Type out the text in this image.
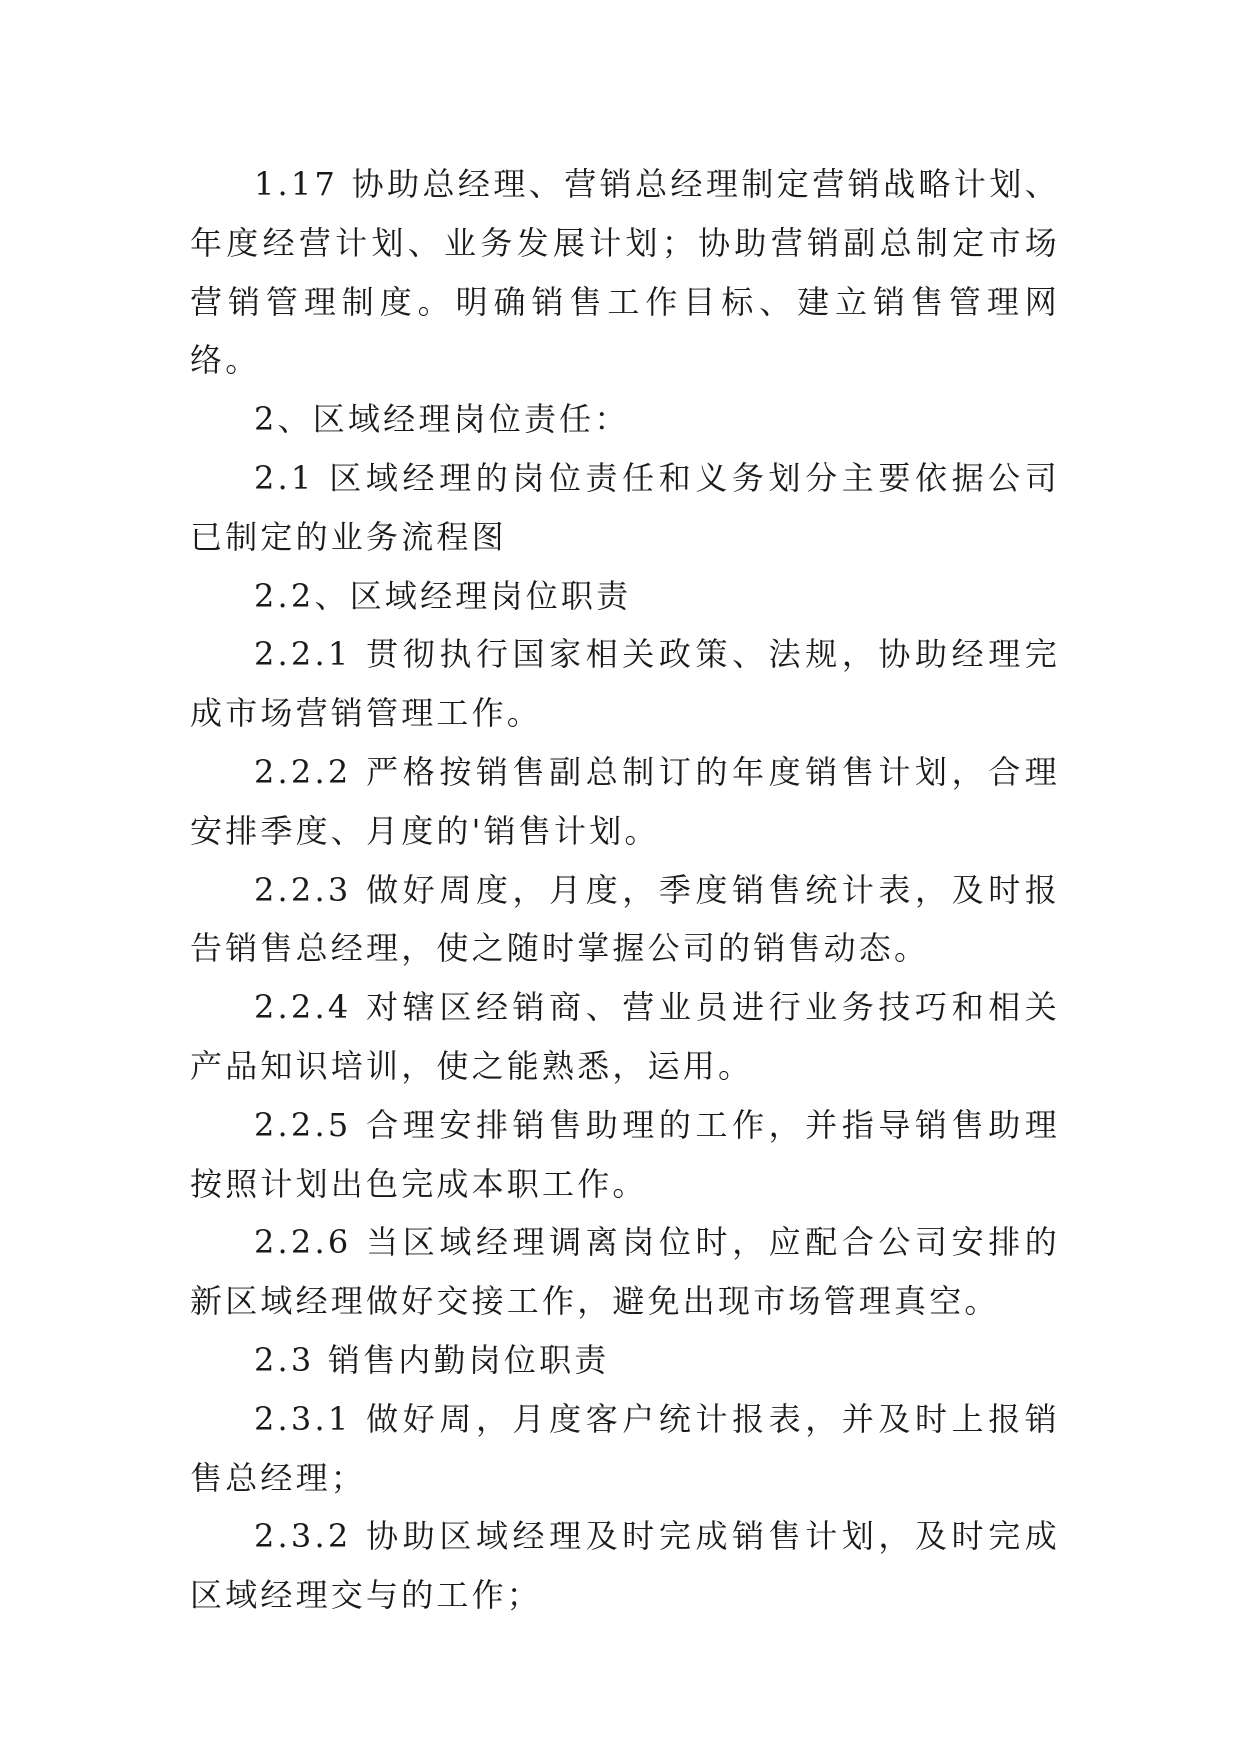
1.17 协助总经理、营销总经理制定营销战略计划、年度经营计划、业务发展计划；协助营销副总制定市场营销管理制度。明确销售工作目标、建立销售管理网络。

2、区域经理岗位责任：

2.1 区域经理的岗位责任和义务划分主要依据公司已制定的业务流程图

2.2、区域经理岗位职责

2.2.1 贯彻执行国家相关政策、法规，协助经理完成市场营销管理工作。

2.2.2 严格按销售副总制订的年度销售计划，合理安排季度、月度的'销售计划。

2.2.3 做好周度，月度，季度销售统计表，及时报告销售总经理，使之随时掌握公司的销售动态。

2.2.4 对辖区经销商、营业员进行业务技巧和相关产品知识培训，使之能熟悉，运用。

2.2.5 合理安排销售助理的工作，并指导销售助理按照计划出色完成本职工作。

2.2.6 当区域经理调离岗位时，应配合公司安排的新区域经理做好交接工作，避免出现市场管理真空。

2.3 销售内勤岗位职责

2.3.1 做好周，月度客户统计报表，并及时上报销售总经理；

2.3.2 协助区域经理及时完成销售计划，及时完成区域经理交与的工作；
